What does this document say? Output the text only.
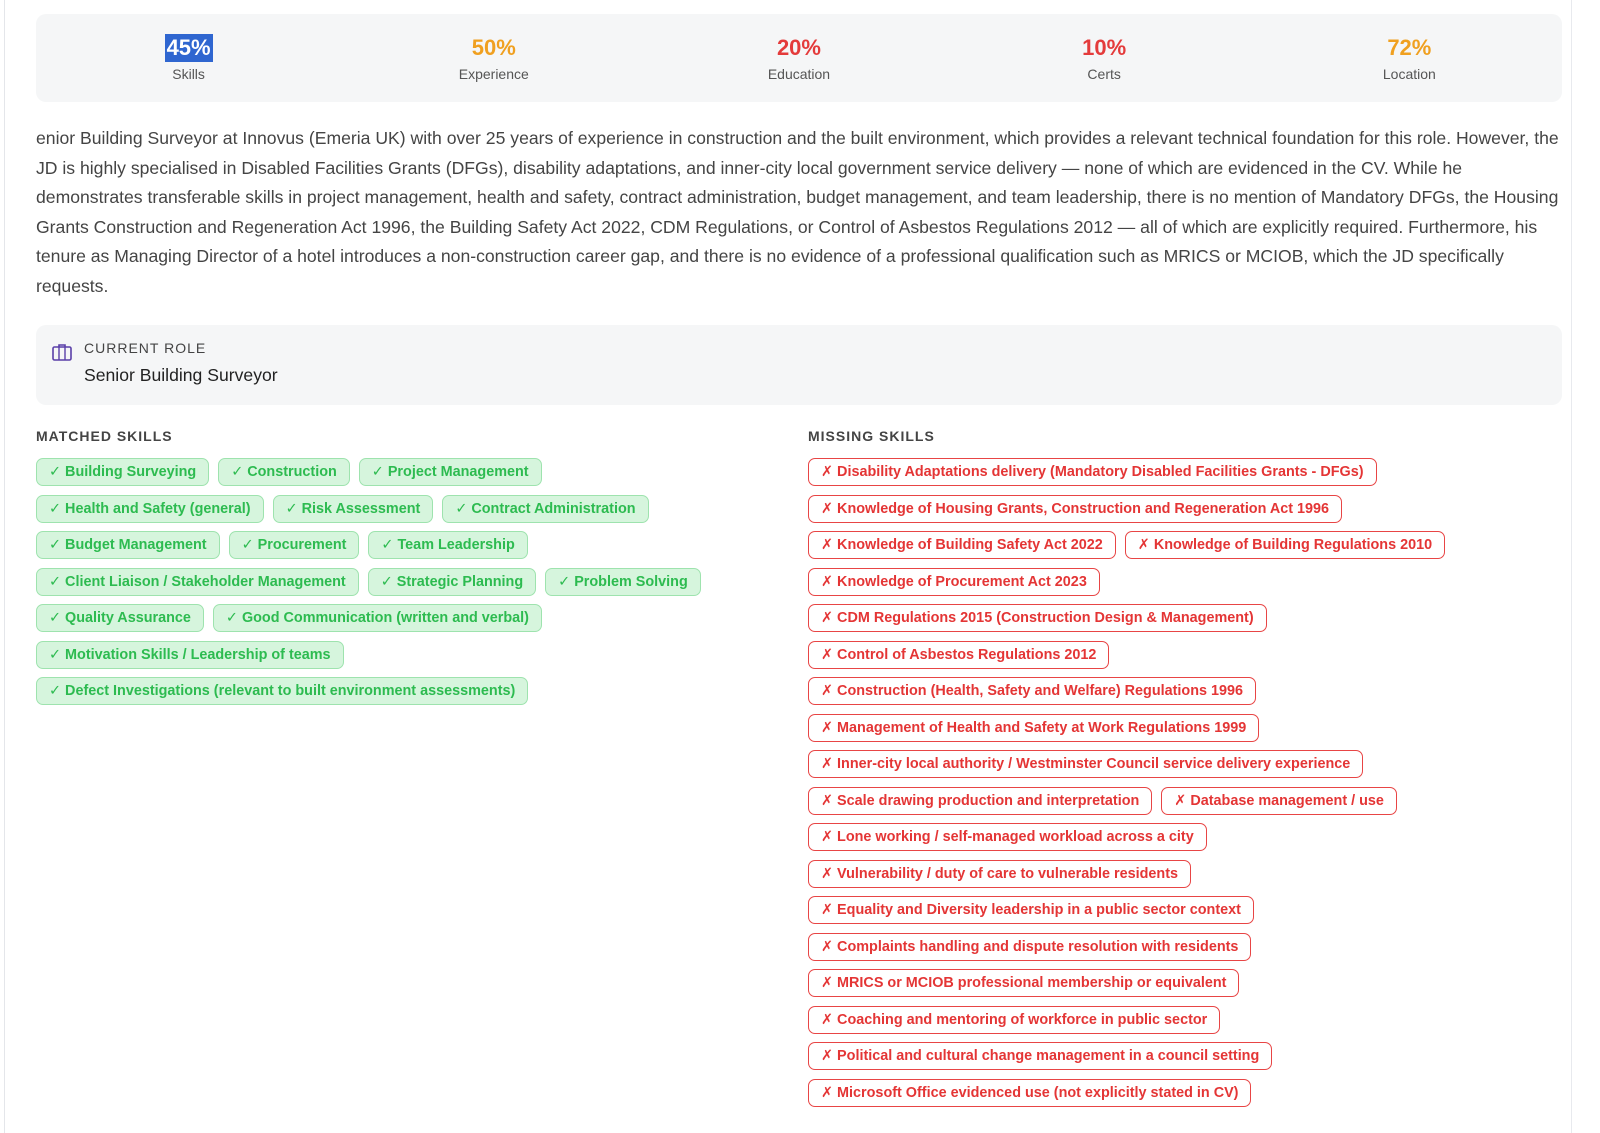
45%
Skills
50%
Experience
20%
Education
10%
Certs
72%
Location

enior Building Surveyor at Innovus (Emeria UK) with over 25 years of experience in construction and the built environment, which provides a relevant technical foundation for this role. However, the JD is highly specialised in Disabled Facilities Grants (DFGs), disability adaptations, and inner-city local government service delivery — none of which are evidenced in the CV. While he demonstrates transferable skills in project management, health and safety, contract administration, budget management, and team leadership, there is no mention of Mandatory DFGs, the Housing Grants Construction and Regeneration Act 1996, the Building Safety Act 2022, CDM Regulations, or Control of Asbestos Regulations 2012 — all of which are explicitly required. Furthermore, his tenure as Managing Director of a hotel introduces a non-construction career gap, and there is no evidence of a professional qualification such as MRICS or MCIOB, which the JD specifically requests.

CURRENT ROLE
Senior Building Surveyor
MATCHED SKILLS
✓ Building Surveying	✓ Construction	✓ Project Management
✓ Health and Safety (general)	✓ Risk Assessment	✓ Contract Administration
✓ Budget Management	✓ Procurement	✓ Team Leadership
✓ Client Liaison / Stakeholder Management	✓ Strategic Planning	✓ Problem Solving
✓ Quality Assurance	✓ Good Communication (written and verbal)
✓ Motivation Skills / Leadership of teams
✓ Defect Investigations (relevant to built environment assessments)
MISSING SKILLS
✗ Disability Adaptations delivery (Mandatory Disabled Facilities Grants - DFGs)
✗ Knowledge of Housing Grants, Construction and Regeneration Act 1996
✗ Knowledge of Building Safety Act 2022	✗ Knowledge of Building Regulations 2010
✗ Knowledge of Procurement Act 2023
✗ CDM Regulations 2015 (Construction Design & Management)
✗ Control of Asbestos Regulations 2012
✗ Construction (Health, Safety and Welfare) Regulations 1996
✗ Management of Health and Safety at Work Regulations 1999
✗ Inner-city local authority / Westminster Council service delivery experience
✗ Scale drawing production and interpretation	✗ Database management / use
✗ Lone working / self-managed workload across a city
✗ Vulnerability / duty of care to vulnerable residents
✗ Equality and Diversity leadership in a public sector context
✗ Complaints handling and dispute resolution with residents
✗ MRICS or MCIOB professional membership or equivalent
✗ Coaching and mentoring of workforce in public sector
✗ Political and cultural change management in a council setting
✗ Microsoft Office evidenced use (not explicitly stated in CV)
